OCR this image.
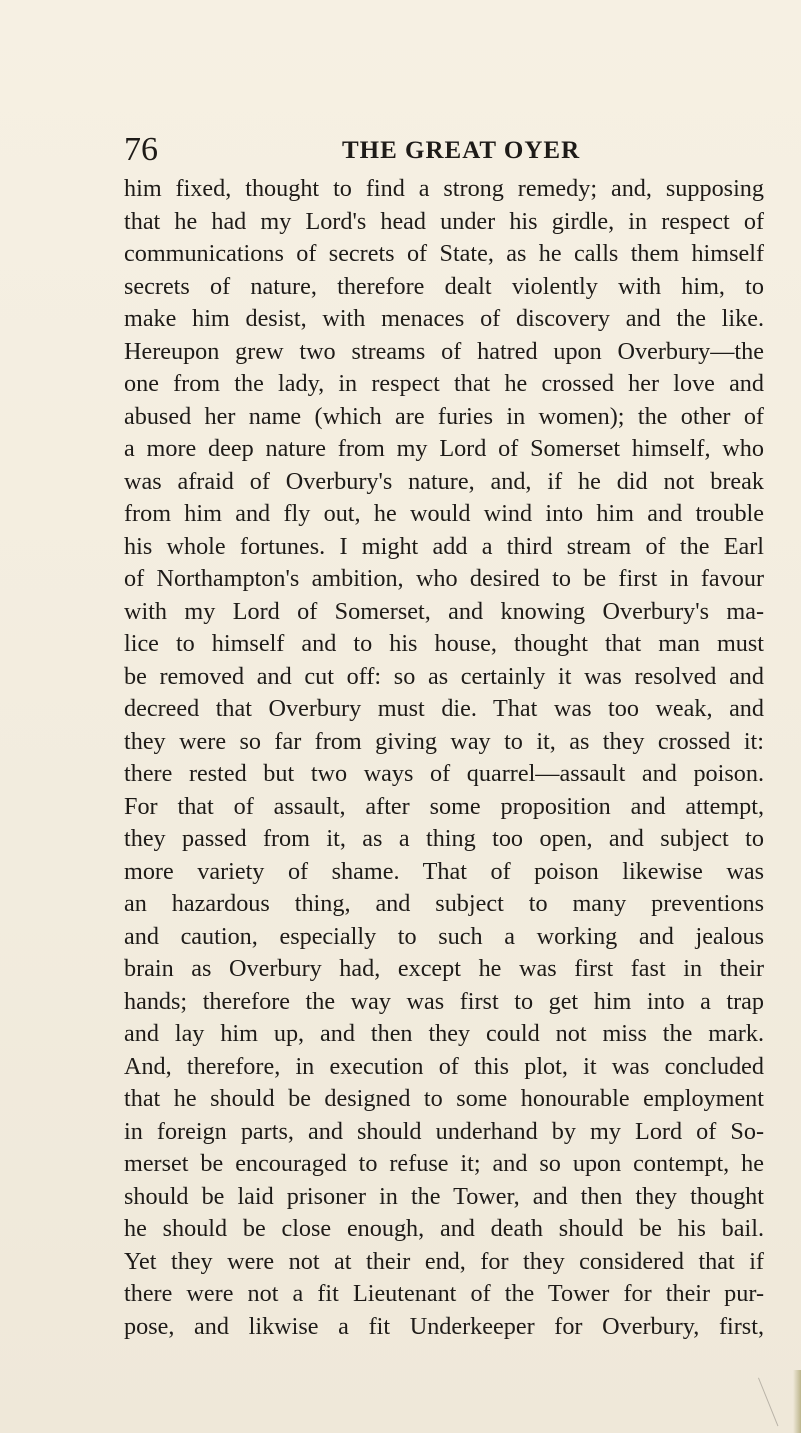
76	THE GREAT OYER
him fixed, thought to find a strong remedy; and, supposing
that he had my Lord's head under his girdle, in respect of
communications of secrets of State, as he calls them himself
secrets of nature, therefore dealt violently with him, to
make him desist, with menaces of discovery and the like.
Hereupon grew two streams of hatred upon Overbury—the
one from the lady, in respect that he crossed her love and
abused her name (which are furies in women); the other of
a more deep nature from my Lord of Somerset himself, who
was afraid of Overbury's nature, and, if he did not break
from him and fly out, he would wind into him and trouble
his whole fortunes. I might add a third stream of the Earl
of Northampton's ambition, who desired to be first in favour
with my Lord of Somerset, and knowing Overbury's ma-
lice to himself and to his house, thought that man must
be removed and cut off: so as certainly it was resolved and
decreed that Overbury must die. That was too weak, and
they were so far from giving way to it, as they crossed it:
there rested but two ways of quarrel—assault and poison.
For that of assault, after some proposition and attempt,
they passed from it, as a thing too open, and subject to
more variety of shame. That of poison likewise was
an hazardous thing, and subject to many preventions
and caution, especially to such a working and jealous
brain as Overbury had, except he was first fast in their
hands; therefore the way was first to get him into a trap
and lay him up, and then they could not miss the mark.
And, therefore, in execution of this plot, it was concluded
that he should be designed to some honourable employment
in foreign parts, and should underhand by my Lord of So-
merset be encouraged to refuse it; and so upon contempt, he
should be laid prisoner in the Tower, and then they thought
he should be close enough, and death should be his bail.
Yet they were not at their end, for they considered that if
there were not a fit Lieutenant of the Tower for their pur-
pose, and likwise a fit Underkeeper for Overbury, first,
